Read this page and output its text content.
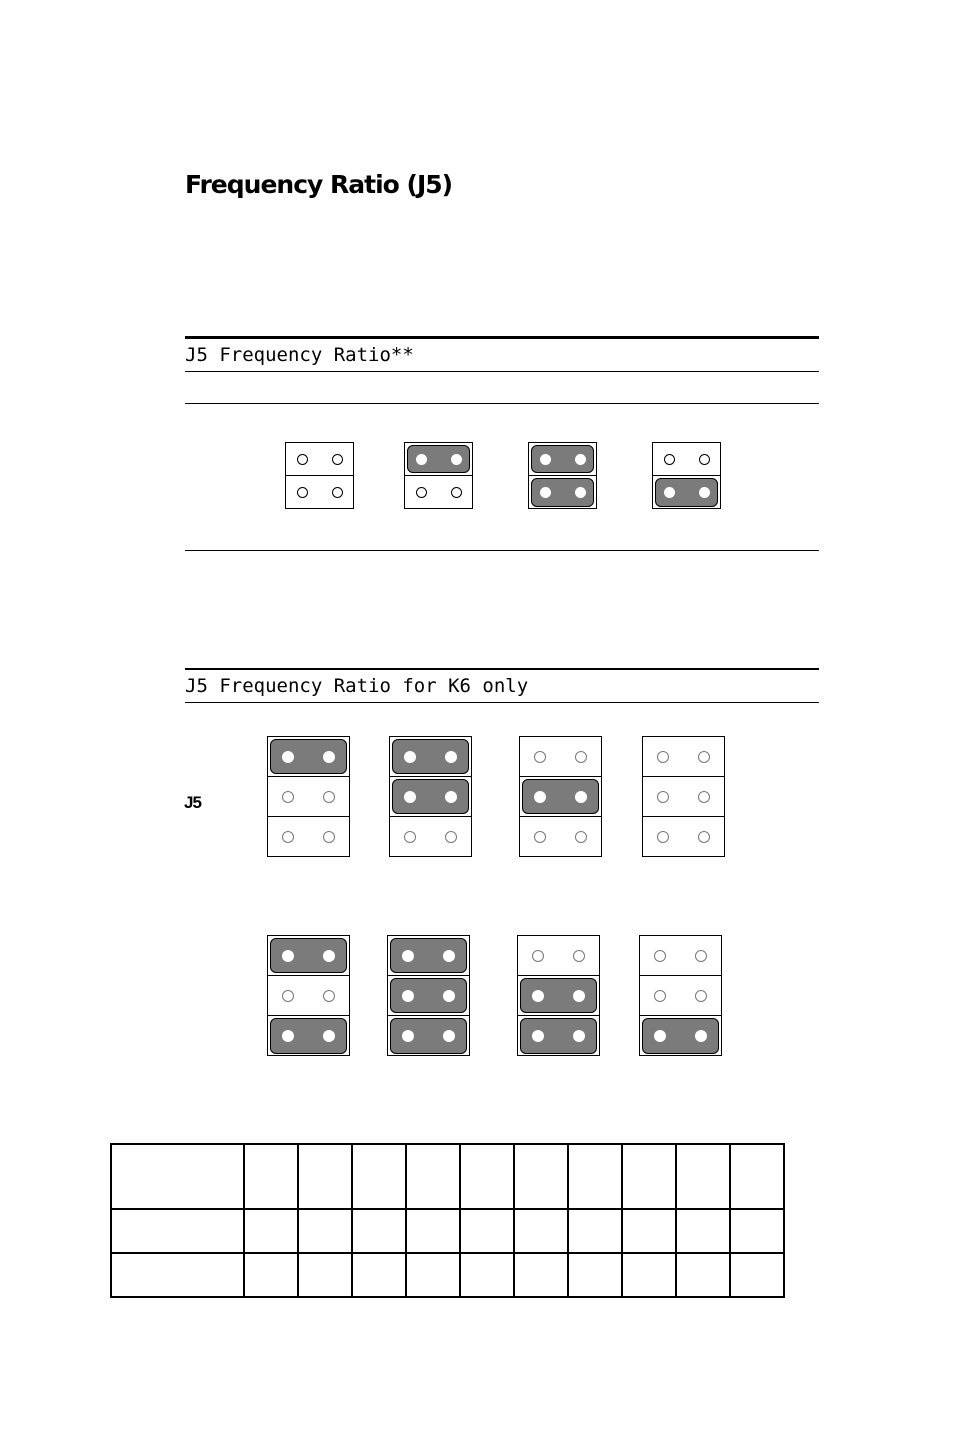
Frequency Ratio (J5)
J5 Frequency Ratio**
J5 Frequency Ratio for K6 only
J5
